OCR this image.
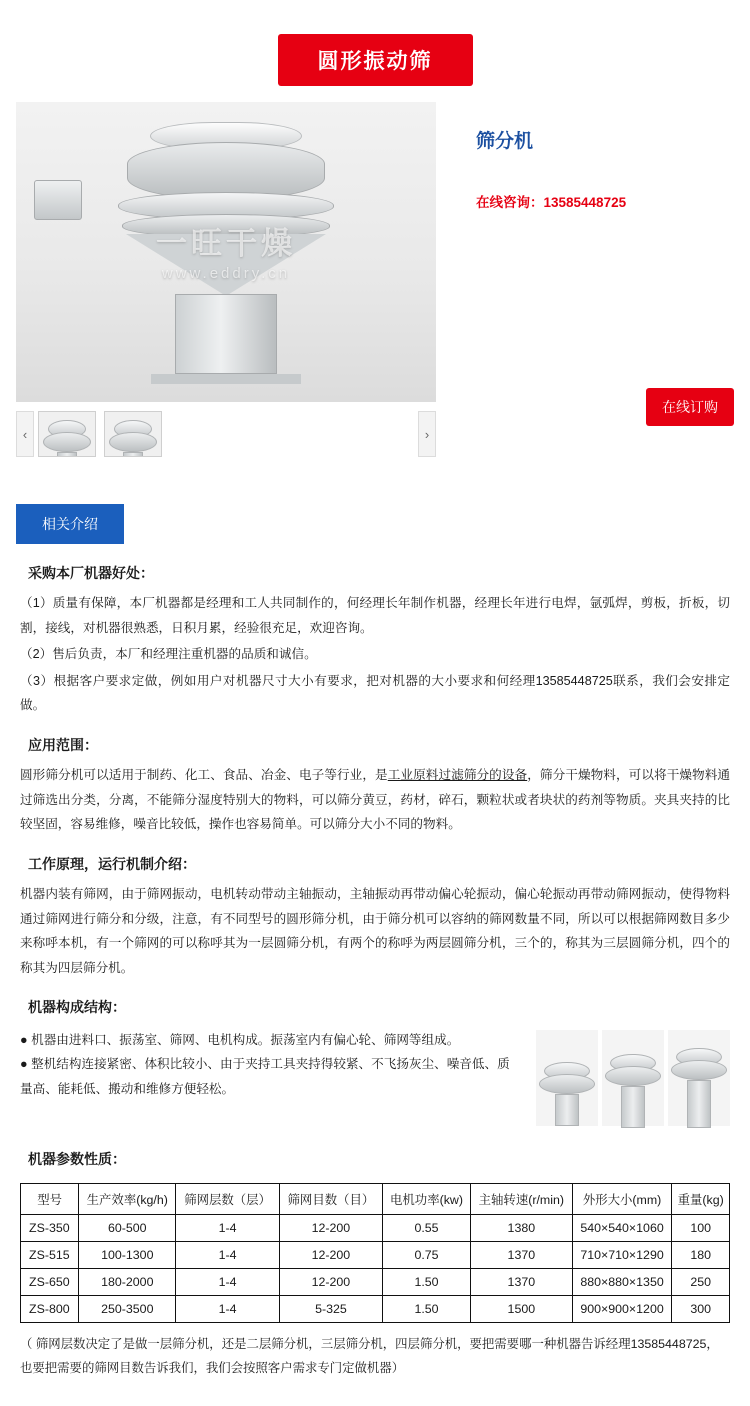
圆形振动筛
一旺干燥
www.eddry.cn
‹	›
筛分机
在线咨询：13585448725
在线订购
相关介绍
采购本厂机器好处：

（1）质量有保障，本厂机器都是经理和工人共同制作的，何经理长年制作机器，经理长年进行电焊，氩弧焊，剪板，折板，切割，接线，对机器很熟悉，日积月累，经验很充足，欢迎咨询。

（2）售后负责，本厂和经理注重机器的品质和诚信。

（3）根据客户要求定做，例如用户对机器尺寸大小有要求，把对机器的大小要求和何经理13585448725联系，我们会安排定做。

应用范围：

圆形筛分机可以适用于制药、化工、食品、冶金、电子等行业，是工业原料过滤筛分的设备，筛分干燥物料，可以将干燥物料通过筛选出分类，分离，不能筛分湿度特别大的物料，可以筛分黄豆，药材，碎石，颗粒状或者块状的药剂等物质。夹具夹持的比较坚固，容易维修，噪音比较低，操作也容易简单。可以筛分大小不同的物料。

工作原理，运行机制介绍：

机器内装有筛网，由于筛网振动，电机转动带动主轴振动，主轴振动再带动偏心轮振动，偏心轮振动再带动筛网振动，使得物料通过筛网进行筛分和分级，注意，有不同型号的圆形筛分机，由于筛分机可以容纳的筛网数量不同，所以可以根据筛网数目多少来称呼本机，有一个筛网的可以称呼其为一层圆筛分机，有两个的称呼为两层圆筛分机，三个的，称其为三层圆筛分机，四个的称其为四层筛分机。

机器构成结构：

● 机器由进料口、振荡室、筛网、电机构成。振荡室内有偏心轮、筛网等组成。

● 整机结构连接紧密、体积比较小、由于夹持工具夹持得较紧、不飞扬灰尘、噪音低、质量高、能耗低、搬动和维修方便轻松。

机器参数性质：
型号	生产效率(kg/h)	筛网层数（层）	筛网目数（目）	电机功率(kw)	主轴转速(r/min)	外形大小(mm)	重量(kg)
ZS-350	60-500	1-4	12-200	0.55	1380	540×540×1060	100
ZS-515	100-1300	1-4	12-200	0.75	1370	710×710×1290	180
ZS-650	180-2000	1-4	12-200	1.50	1370	880×880×1350	250
ZS-800	250-3500	1-4	5-325	1.50	1500	900×900×1200	300
（ 筛网层数决定了是做一层筛分机，还是二层筛分机，三层筛分机，四层筛分机，要把需要哪一种机器告诉经理13585448725，也要把需要的筛网目数告诉我们，我们会按照客户需求专门定做机器）
